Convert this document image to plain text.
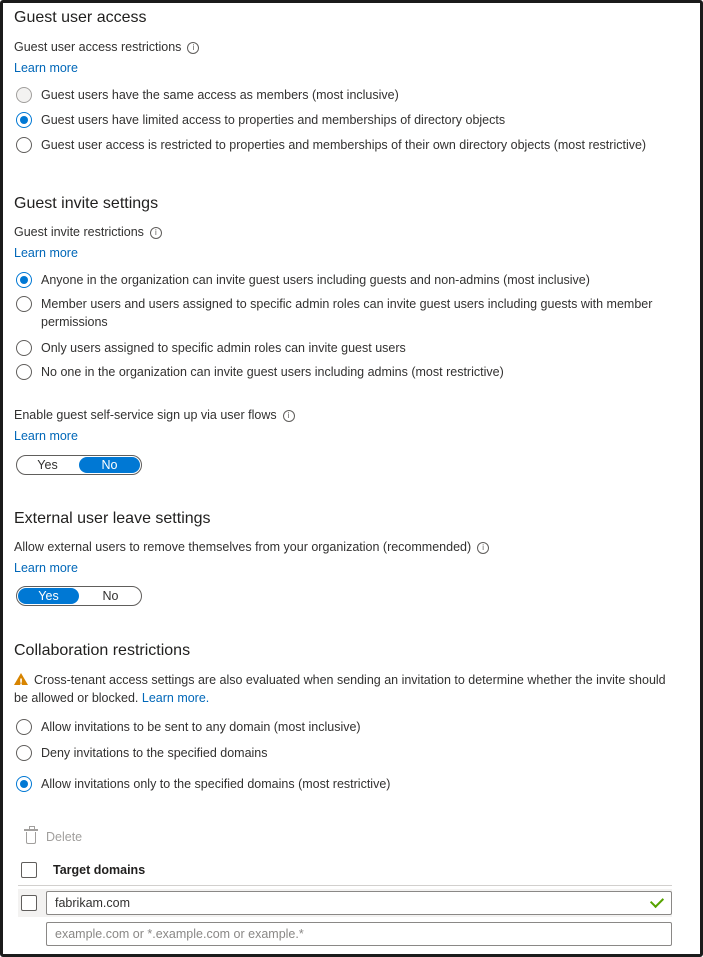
Guest user access
Guest user access restrictions i
Learn more
Guest users have the same access as members (most inclusive)
Guest users have limited access to properties and memberships of directory objects
Guest user access is restricted to properties and memberships of their own directory objects (most restrictive)
Guest invite settings
Guest invite restrictions i
Learn more
Anyone in the organization can invite guest users including guests and non-admins (most inclusive)
Member users and users assigned to specific admin roles can invite guest users including guests with member permissions
Only users assigned to specific admin roles can invite guest users
No one in the organization can invite guest users including admins (most restrictive)
Enable guest self-service sign up via user flows i
Learn more
Yes	No
External user leave settings
Allow external users to remove themselves from your organization (recommended) i
Learn more
Yes	No
Collaboration restrictions
!Cross-tenant access settings are also evaluated when sending an invitation to determine whether the invite should
be allowed or blocked. Learn more.
Allow invitations to be sent to any domain (most inclusive)
Deny invitations to the specified domains
Allow invitations only to the specified domains (most restrictive)
Delete
Target domains
fabrikam.com
example.com or *.example.com or example.*
